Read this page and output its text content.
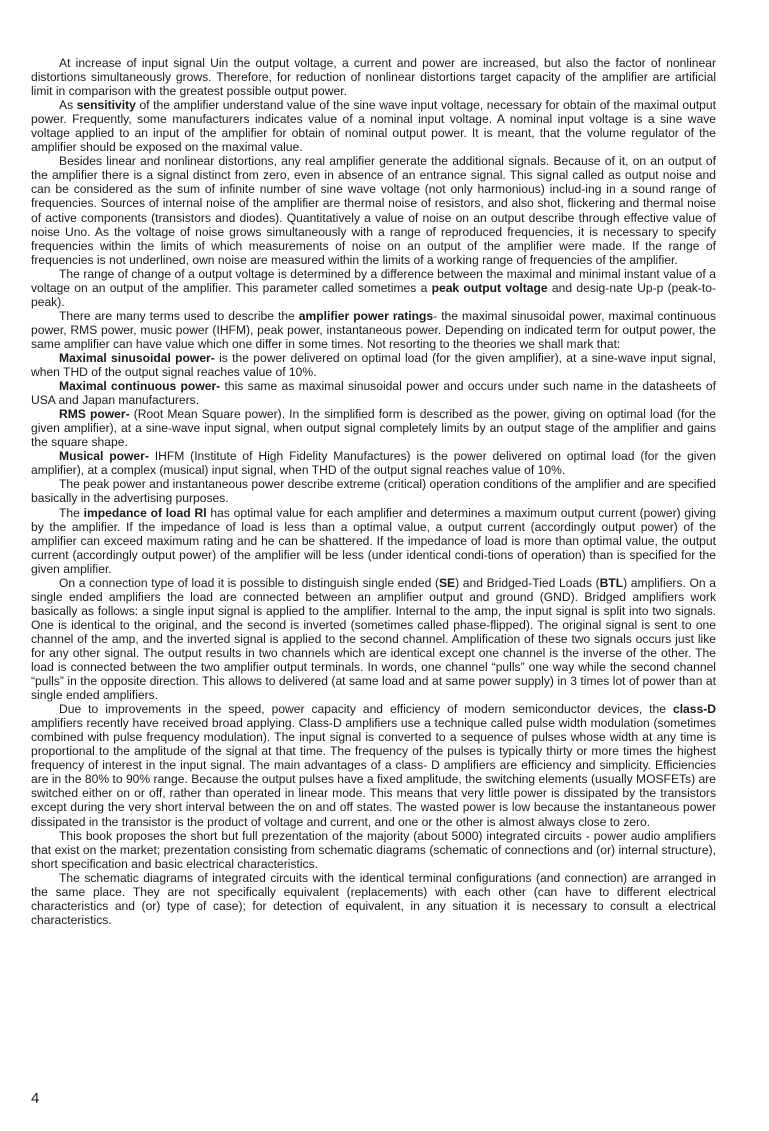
At increase of input signal Uin the output voltage, a current and power are increased, but also the factor of nonlinear distortions simultaneously grows. Therefore, for reduction of nonlinear distortions target capacity of the amplifier are artificial limit in comparison with the greatest possible output power.

As sensitivity of the amplifier understand value of the sine wave input voltage, necessary for obtain of the maximal output power. Frequently, some manufacturers indicates value of a nominal input voltage. A nominal input voltage is a sine wave voltage applied to an input of the amplifier for obtain of nominal output power. It is meant, that the volume regulator of the amplifier should be exposed on the maximal value.

Besides linear and nonlinear distortions, any real amplifier generate the additional signals. Because of it, on an output of the amplifier there is a signal distinct from zero, even in absence of an entrance signal. This signal called as output noise and can be considered as the sum of infinite number of sine wave voltage (not only harmonious) includ-ing in a sound range of frequencies. Sources of internal noise of the amplifier are thermal noise of resistors, and also shot, flickering and thermal noise of active components (transistors and diodes). Quantitatively a value of noise on an output describe through effective value of noise Uno. As the voltage of noise grows simultaneously with a range of reproduced frequencies, it is necessary to specify frequencies within the limits of which measurements of noise on an output of the amplifier were made. If the range of frequencies is not underlined, own noise are measured within the limits of a working range of frequencies of the amplifier.

The range of change of a output voltage is determined by a difference between the maximal and minimal instant value of a voltage on an output of the amplifier. This parameter called sometimes a peak output voltage and desig-nate Up-p (peak-to-peak).

There are many terms used to describe the amplifier power ratings- the maximal sinusoidal power, maximal continuous power, RMS power, music power (IHFM), peak power, instantaneous power. Depending on indicated term for output power, the same amplifier can have value which one differ in some times. Not resorting to the theories we shall mark that:

Maximal sinusoidal power- is the power delivered on optimal load (for the given amplifier), at a sine-wave input signal, when THD of the output signal reaches value of 10%.

Maximal continuous power- this same as maximal sinusoidal power and occurs under such name in the datasheets of USA and Japan manufacturers.

RMS power- (Root Mean Square power). In the simplified form is described as the power, giving on optimal load (for the given amplifier), at a sine-wave input signal, when output signal completely limits by an output stage of the amplifier and gains the square shape.

Musical power- IHFM (Institute of High Fidelity Manufactures) is the power delivered on optimal load (for the given amplifier), at a complex (musical) input signal, when THD of the output signal reaches value of 10%.

The peak power and instantaneous power describe extreme (critical) operation conditions of the amplifier and are specified basically in the advertising purposes.

The impedance of load Rl has optimal value for each amplifier and determines a maximum output current (power) giving by the amplifier. If the impedance of load is less than a optimal value, a output current (accordingly output power) of the amplifier can exceed maximum rating and he can be shattered. If the impedance of load is more than optimal value, the output current (accordingly output power) of the amplifier will be less (under identical condi-tions of operation) than is specified for the given amplifier.

On a connection type of load it is possible to distinguish single ended (SE) and Bridged-Tied Loads (BTL) amplifiers. On a single ended amplifiers the load are connected between an amplifier output and ground (GND). Bridged amplifiers work basically as follows: a single input signal is applied to the amplifier. Internal to the amp, the input signal is split into two signals. One is identical to the original, and the second is inverted (sometimes called phase-flipped). The original signal is sent to one channel of the amp, and the inverted signal is applied to the second channel. Amplification of these two signals occurs just like for any other signal. The output results in two channels which are identical except one channel is the inverse of the other. The load is connected between the two amplifier output terminals. In words, one channel “pulls” one way while the second channel “pulls” in the opposite direction. This allows to delivered (at same load and at same power supply) in 3 times lot of power than at single ended amplifiers.

Due to improvements in the speed, power capacity and efficiency of modern semiconductor devices, the class-D amplifiers recently have received broad applying. Class-D amplifiers use a technique called pulse width modulation (sometimes combined with pulse frequency modulation). The input signal is converted to a sequence of pulses whose width at any time is proportional to the amplitude of the signal at that time. The frequency of the pulses is typically thirty or more times the highest frequency of interest in the input signal. The main advantages of a class- D amplifiers are efficiency and simplicity. Efficiencies are in the 80% to 90% range. Because the output pulses have a fixed amplitude, the switching elements (usually MOSFETs) are switched either on or off, rather than operated in linear mode. This means that very little power is dissipated by the transistors except during the very short interval between the on and off states. The wasted power is low because the instantaneous power dissipated in the transistor is the product of voltage and current, and one or the other is almost always close to zero.

This book proposes the short but full prezentation of the majority (about 5000) integrated circuits - power audio amplifiers that exist on the market; prezentation consisting from schematic diagrams (schematic of connections and (or) internal structure), short specification and basic electrical characteristics.

The schematic diagrams of integrated circuits with the identical terminal configurations (and connection) are arranged in the same place. They are not specifically equivalent (replacements) with each other (can have to different electrical characteristics and (or) type of case); for detection of equivalent, in any situation it is necessary to consult a electrical characteristics.

4
